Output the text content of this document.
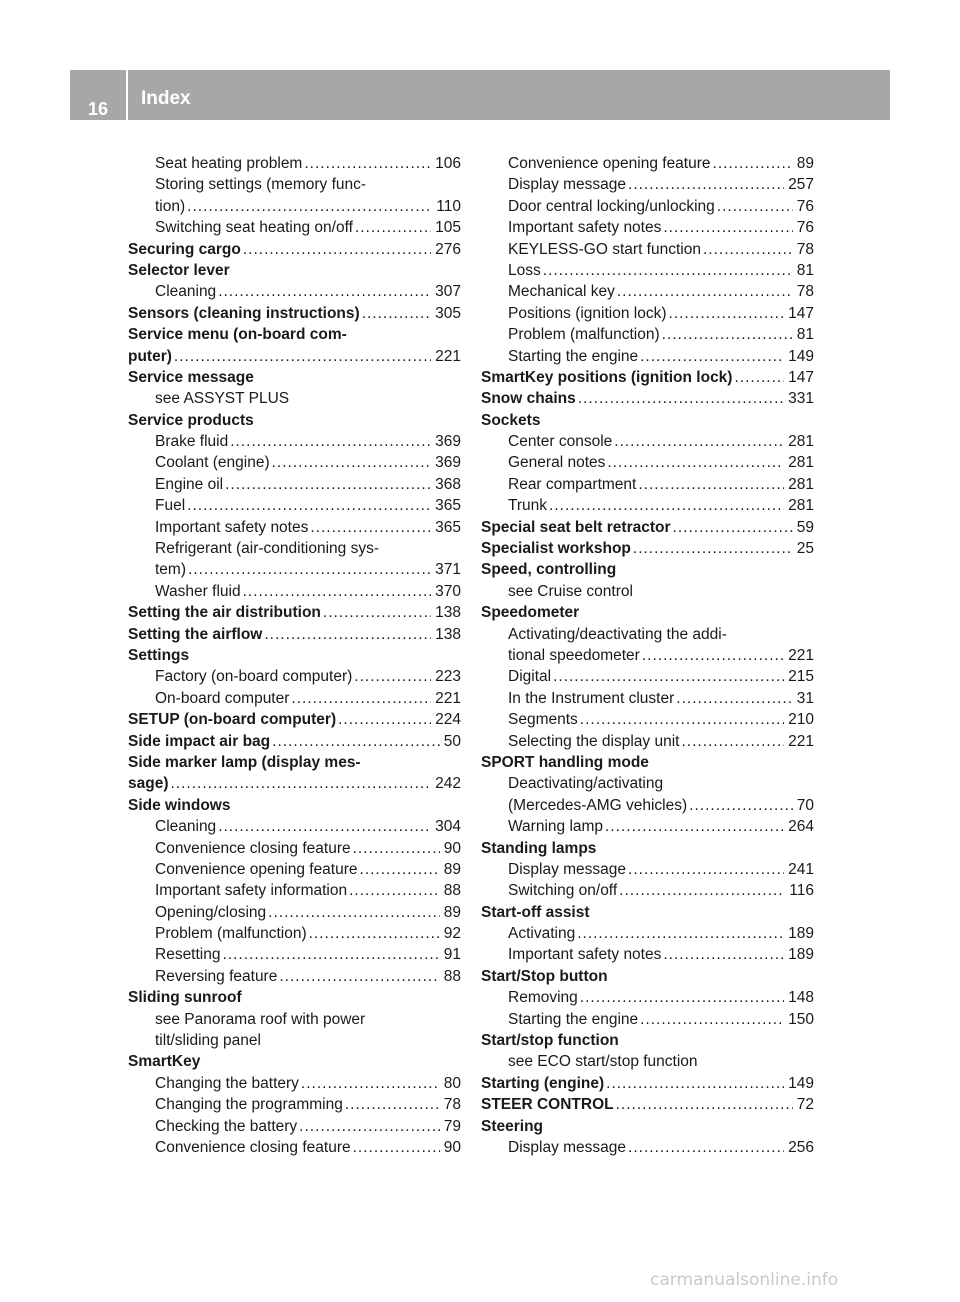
16	Index
Seat heating problem .....	106
Storing settings (memory func-
tion) .....	110
Switching seat heating on/off .....	105
Securing cargo .....	276
Selector lever
Cleaning .....	307
Sensors (cleaning instructions) .....	305
Service menu (on-board com-
puter) .....	221
Service message
see ASSYST PLUS
Service products
Brake fluid .....	369
Coolant (engine) .....	369
Engine oil .....	368
Fuel .....	365
Important safety notes .....	365
Refrigerant (air-conditioning sys-
tem) .....	371
Washer fluid .....	370
Setting the air distribution .....	138
Setting the airflow .....	138
Settings
Factory (on-board computer) .....	223
On-board computer .....	221
SETUP (on-board computer) .....	224
Side impact air bag .....	50
Side marker lamp (display mes-
sage) .....	242
Side windows
Cleaning .....	304
Convenience closing feature .....	90
Convenience opening feature .....	89
Important safety information .....	88
Opening/closing .....	89
Problem (malfunction) .....	92
Resetting .....	91
Reversing feature .....	88
Sliding sunroof
see Panorama roof with power
tilt/sliding panel
SmartKey
Changing the battery .....	80
Changing the programming .....	78
Checking the battery .....	79
Convenience closing feature .....	90
Convenience opening feature .....	89
Display message .....	257
Door central locking/unlocking .....	76
Important safety notes .....	76
KEYLESS-GO start function .....	78
Loss .....	81
Mechanical key .....	78
Positions (ignition lock) .....	147
Problem (malfunction) .....	81
Starting the engine .....	149
SmartKey positions (ignition lock) .....	147
Snow chains .....	331
Sockets
Center console .....	281
General notes .....	281
Rear compartment .....	281
Trunk .....	281
Special seat belt retractor .....	59
Specialist workshop .....	25
Speed, controlling
see Cruise control
Speedometer
Activating/deactivating the addi-
tional speedometer .....	221
Digital .....	215
In the Instrument cluster .....	31
Segments .....	210
Selecting the display unit .....	221
SPORT handling mode
Deactivating/activating
(Mercedes-AMG vehicles) .....	70
Warning lamp .....	264
Standing lamps
Display message .....	241
Switching on/off .....	116
Start-off assist
Activating .....	189
Important safety notes .....	189
Start/Stop button
Removing .....	148
Starting the engine .....	150
Start/stop function
see ECO start/stop function
Starting (engine) .....	149
STEER CONTROL .....	72
Steering
Display message .....	256
carmanualsonline.info
